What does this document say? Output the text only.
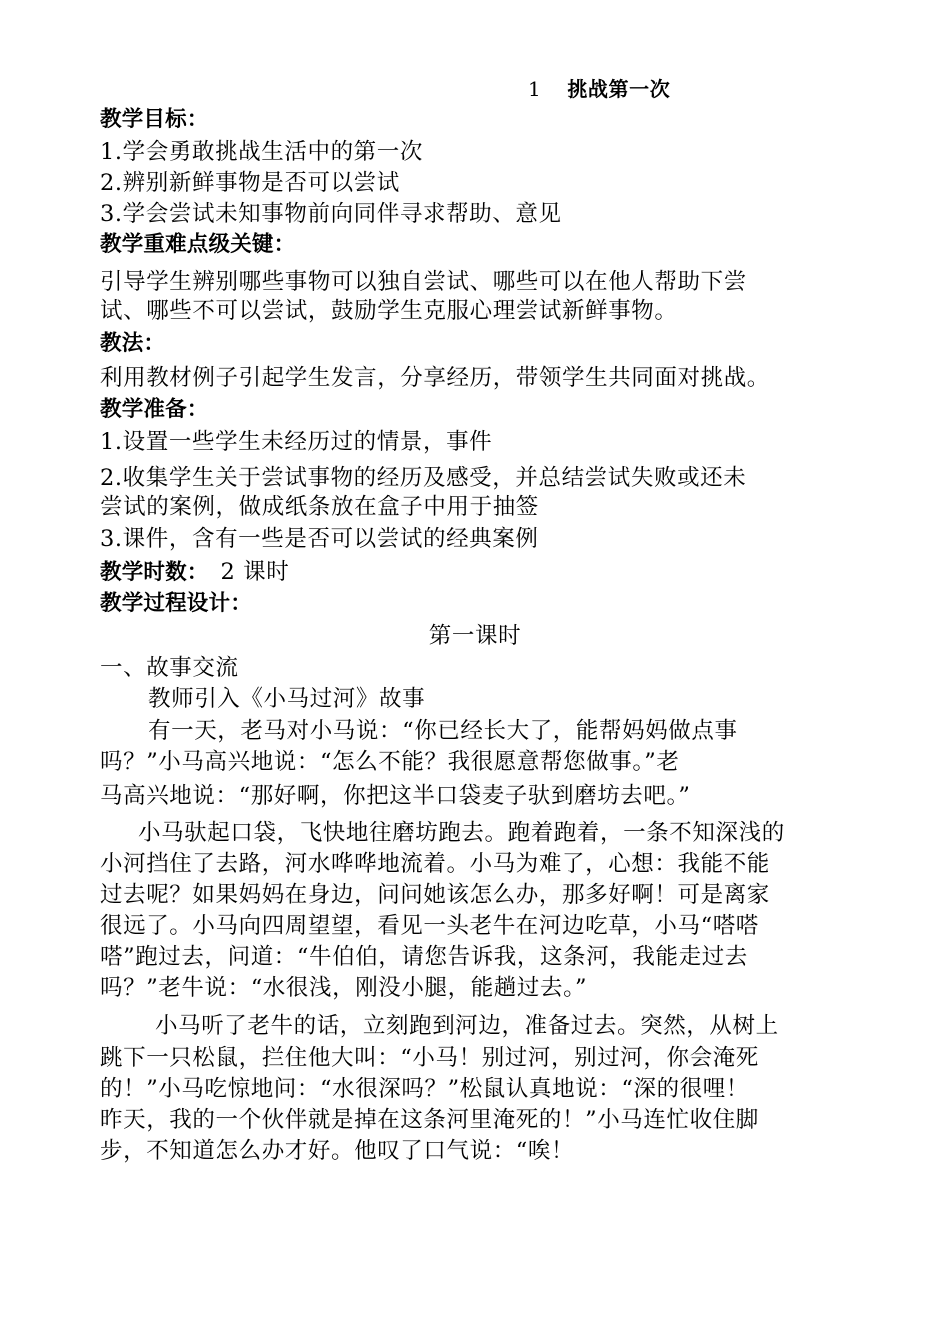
1 挑战第一次
教学目标：
1.学会勇敢挑战生活中的第一次
2.辨别新鲜事物是否可以尝试
3.学会尝试未知事物前向同伴寻求帮助、意见
教学重难点级关键：
引导学生辨别哪些事物可以独自尝试、哪些可以在他人帮助下尝
试、哪些不可以尝试，鼓励学生克服心理尝试新鲜事物。
教法：
利用教材例子引起学生发言，分享经历，带领学生共同面对挑战。
教学准备：
1.设置一些学生未经历过的情景，事件
2.收集学生关于尝试事物的经历及感受，并总结尝试失败或还未
尝试的案例，做成纸条放在盒子中用于抽签
3.课件，含有一些是否可以尝试的经典案例
教学时数： 2 课时
教学过程设计：
第一课时
一、故事交流
教师引入《小马过河》故事
有一天，老马对小马说：“你已经长大了，能帮妈妈做点事
吗？”小马高兴地说：“怎么不能？我很愿意帮您做事。”老
马高兴地说：“那好啊，你把这半口袋麦子驮到磨坊去吧。”
小马驮起口袋，飞快地往磨坊跑去。跑着跑着，一条不知深浅的
小河挡住了去路，河水哗哗地流着。小马为难了，心想：我能不能
过去呢？如果妈妈在身边，问问她该怎么办，那多好啊！可是离家
很远了。小马向四周望望，看见一头老牛在河边吃草，小马“嗒嗒
嗒”跑过去，问道：“牛伯伯，请您告诉我，这条河，我能走过去
吗？”老牛说：“水很浅，刚没小腿，能趟过去。”
小马听了老牛的话，立刻跑到河边，准备过去。突然，从树上
跳下一只松鼠，拦住他大叫：“小马！别过河，别过河，你会淹死
的！”小马吃惊地问：“水很深吗？”松鼠认真地说：“深的很哩！
昨天，我的一个伙伴就是掉在这条河里淹死的！”小马连忙收住脚
步，不知道怎么办才好。他叹了口气说：“唉！
